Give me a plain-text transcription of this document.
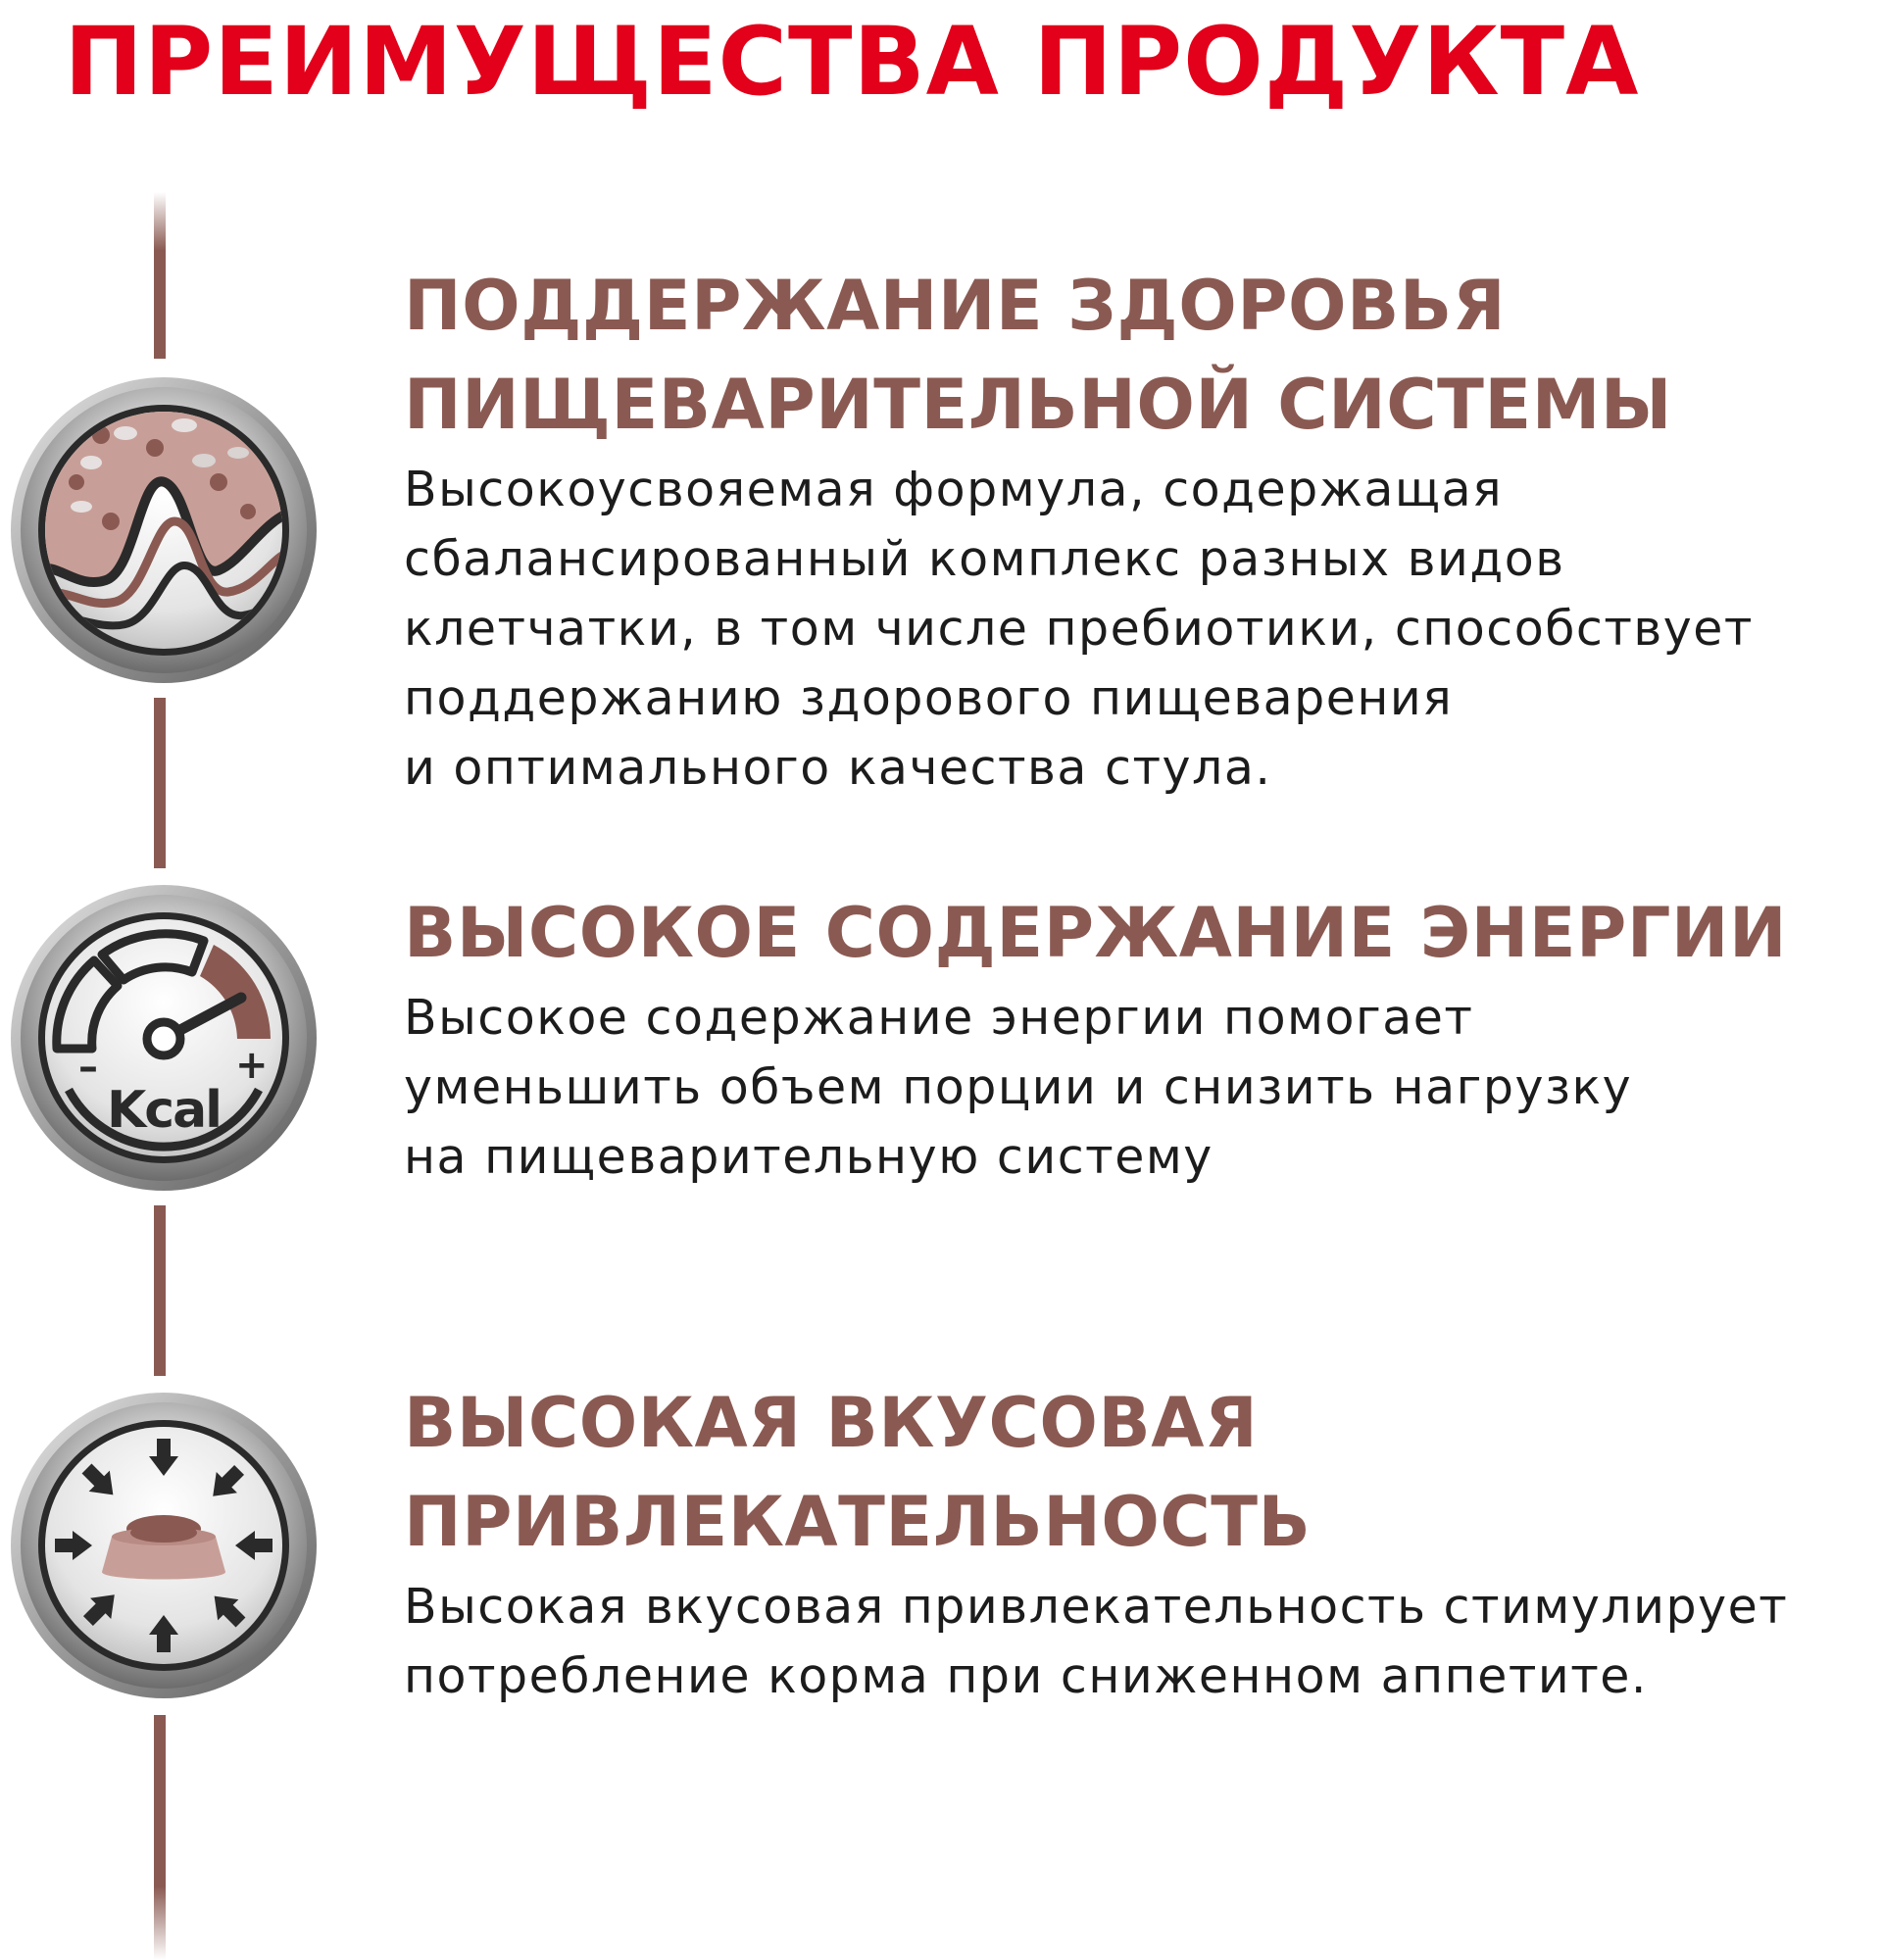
ПРЕИМУЩЕСТВА ПРОДУКТА
ПОДДЕРЖАНИЕ ЗДОРОВЬЯ
ПИЩЕВАРИТЕЛЬНОЙ СИСТЕМЫ

Высокоусвояемая формула, содержащая
сбалансированный комплекс разных видов
клетчатки, в том числе пребиотики, способствует
поддержанию здорового пищеварения
и оптимального качества стула.

–	+
Kcal
ВЫСОКОЕ СОДЕРЖАНИЕ ЭНЕРГИИ

Высокое содержание энергии помогает
уменьшить объем порции и снизить нагрузку
на пищеварительную систему

ВЫСОКАЯ ВКУСОВАЯ
ПРИВЛЕКАТЕЛЬНОСТЬ

Высокая вкусовая привлекательность стимулирует
потребление корма при сниженном аппетите.
